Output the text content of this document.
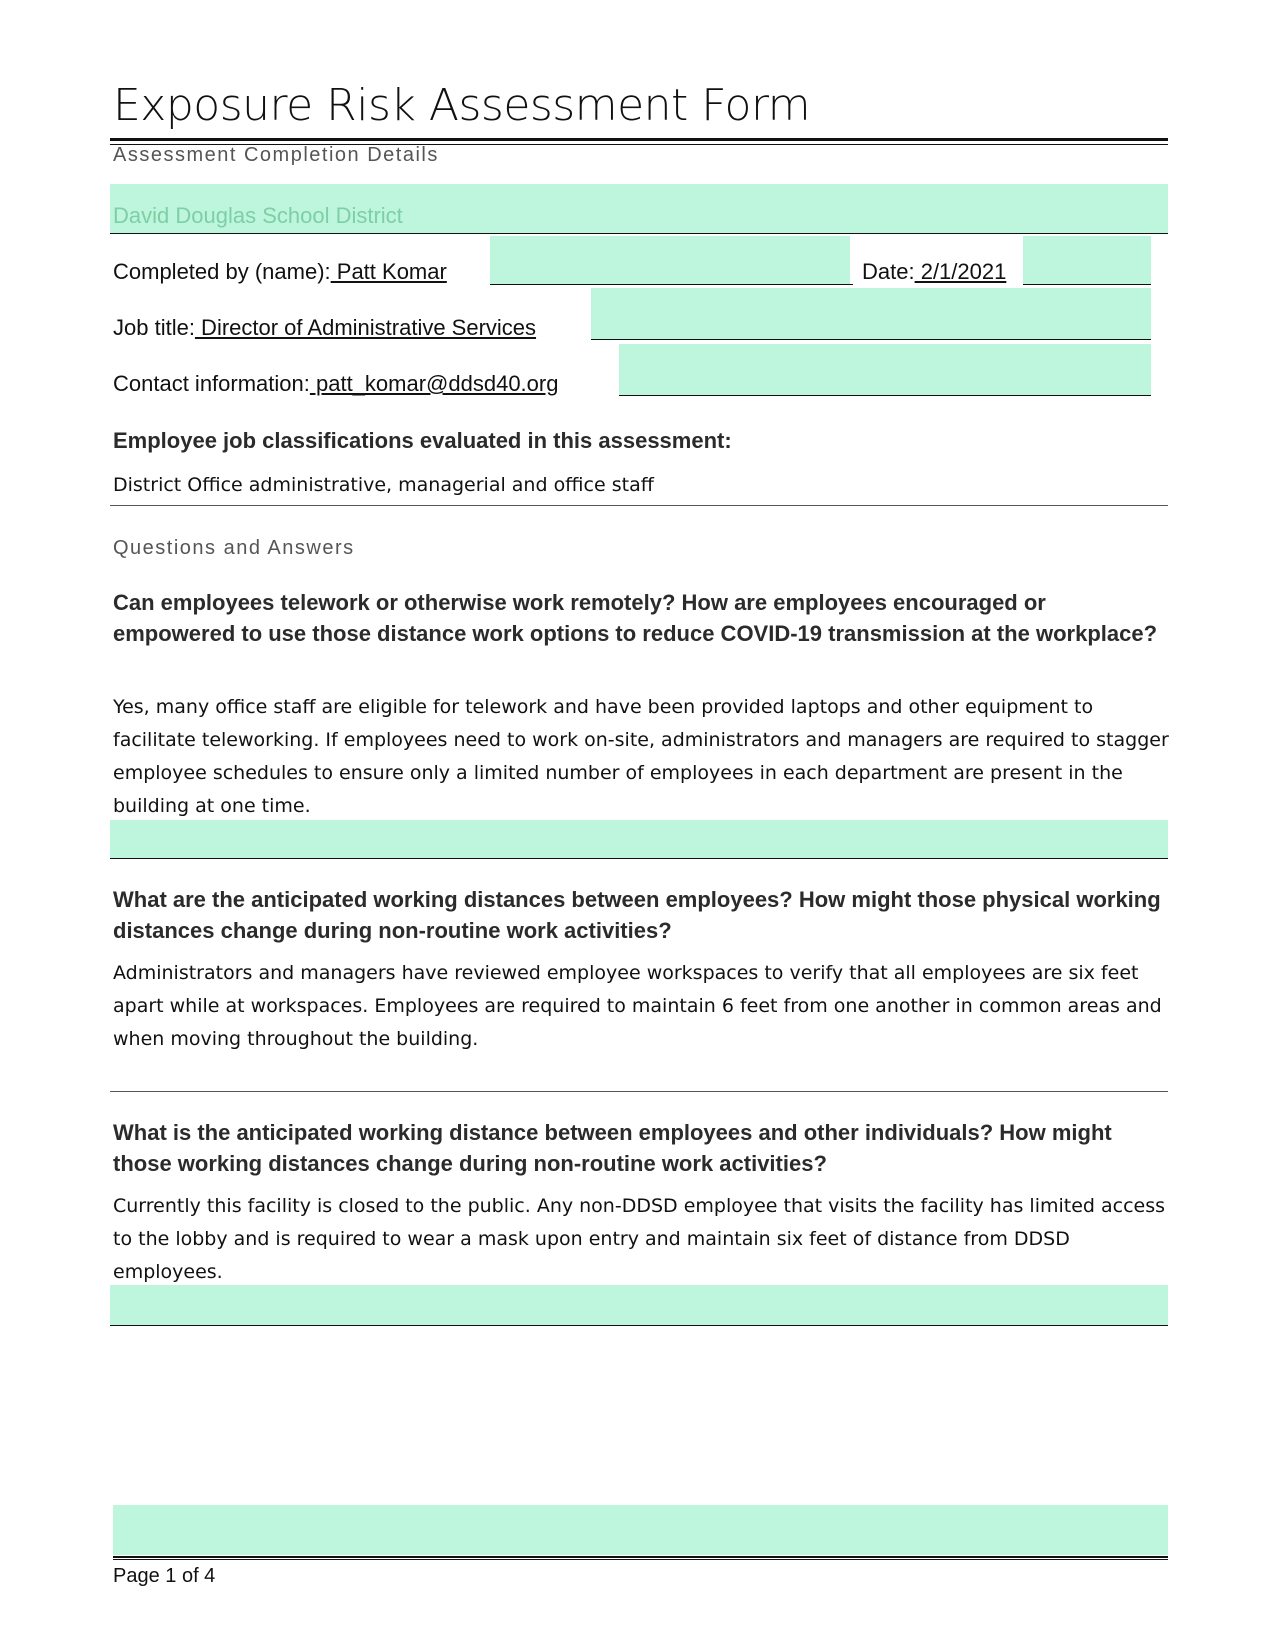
Exposure Risk Assessment Form
Assessment Completion Details
David Douglas School District
Completed by (name): Patt Komar	Date: 2/1/2021
Job title: Director of Administrative Services
Contact information: patt_komar@ddsd40.org
Employee job classifications evaluated in this assessment:
District Office administrative, managerial and office staff
Questions and Answers
Can employees telework or otherwise work remotely? How are employees encouraged or empowered to use those distance work options to reduce COVID-19 transmission at the workplace?
Yes, many office staff are eligible for telework and have been provided laptops and other equipment to facilitate teleworking. If employees need to work on-site, administrators and managers are required to stagger employee schedules to ensure only a limited number of employees in each department are present in the building at one time.
What are the anticipated working distances between employees? How might those physical working distances change during non-routine work activities?
Administrators and managers have reviewed employee workspaces to verify that all employees are six feet apart while at workspaces. Employees are required to maintain 6 feet from one another in common areas and when moving throughout the building.
What is the anticipated working distance between employees and other individuals? How might those working distances change during non-routine work activities?
Currently this facility is closed to the public. Any non-DDSD employee that visits the facility has limited access to the lobby and is required to wear a mask upon entry and maintain six feet of distance from DDSD employees.
Page 1 of 4
